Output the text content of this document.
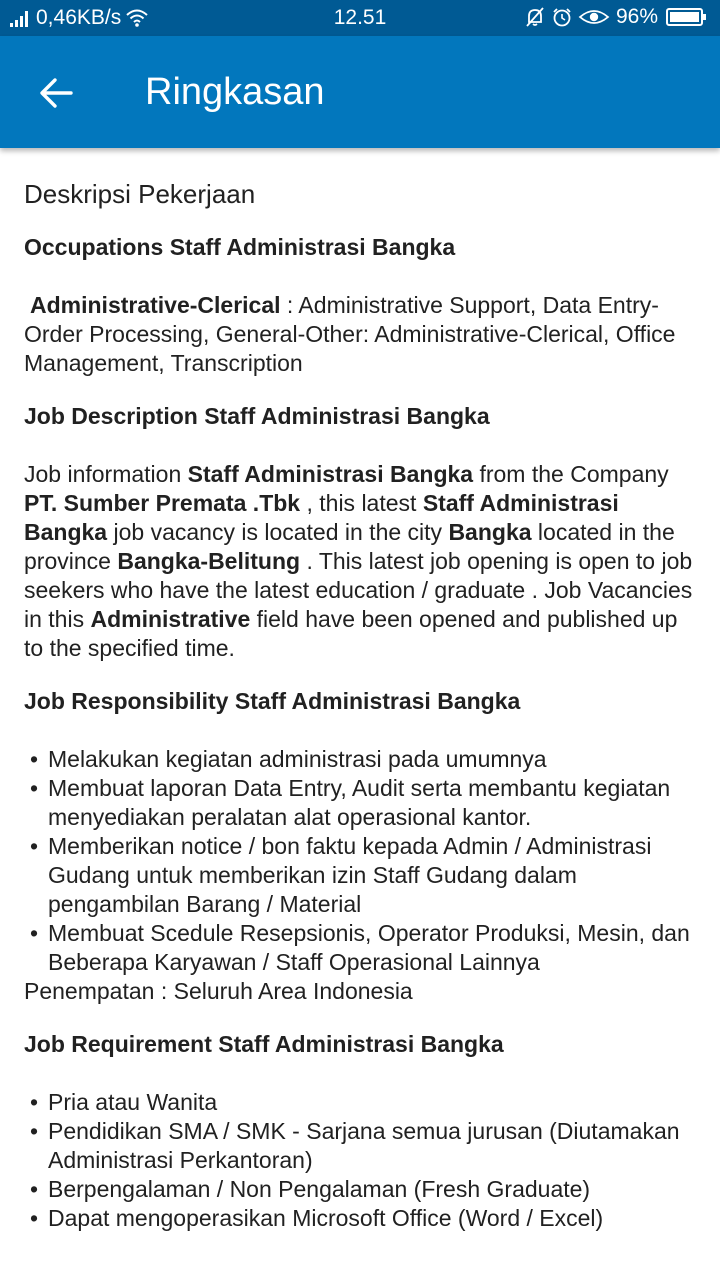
0,46KB/s	12.51	96%
Ringkasan
Deskripsi Pekerjaan
Occupations Staff Administrasi Bangka
Administrative-Clerical : Administrative Support, Data Entry-Order Processing, General-Other: Administrative-Clerical, Office Management, Transcription
Job Description Staff Administrasi Bangka
Job information Staff Administrasi Bangka from the Company PT. Sumber Premata .Tbk , this latest Staff Administrasi Bangka job vacancy is located in the city Bangka located in the province Bangka-Belitung . This latest job opening is open to job seekers who have the latest education / graduate . Job Vacancies in this Administrative field have been opened and published up to the specified time.
Job Responsibility Staff Administrasi Bangka
• Melakukan kegiatan administrasi pada umumnya
• Membuat laporan Data Entry, Audit serta membantu kegiatan menyediakan peralatan alat operasional kantor.
• Memberikan notice / bon faktu kepada Admin / Administrasi Gudang untuk memberikan izin Staff Gudang dalam pengambilan Barang / Material
• Membuat Scedule Resepsionis, Operator Produksi, Mesin, dan Beberapa Karyawan / Staff Operasional Lainnya
Penempatan : Seluruh Area Indonesia
Job Requirement Staff Administrasi Bangka
• Pria atau Wanita
• Pendidikan SMA / SMK - Sarjana semua jurusan (Diutamakan Administrasi Perkantoran)
• Berpengalaman / Non Pengalaman (Fresh Graduate)
• Dapat mengoperasikan Microsoft Office (Word / Excel)
